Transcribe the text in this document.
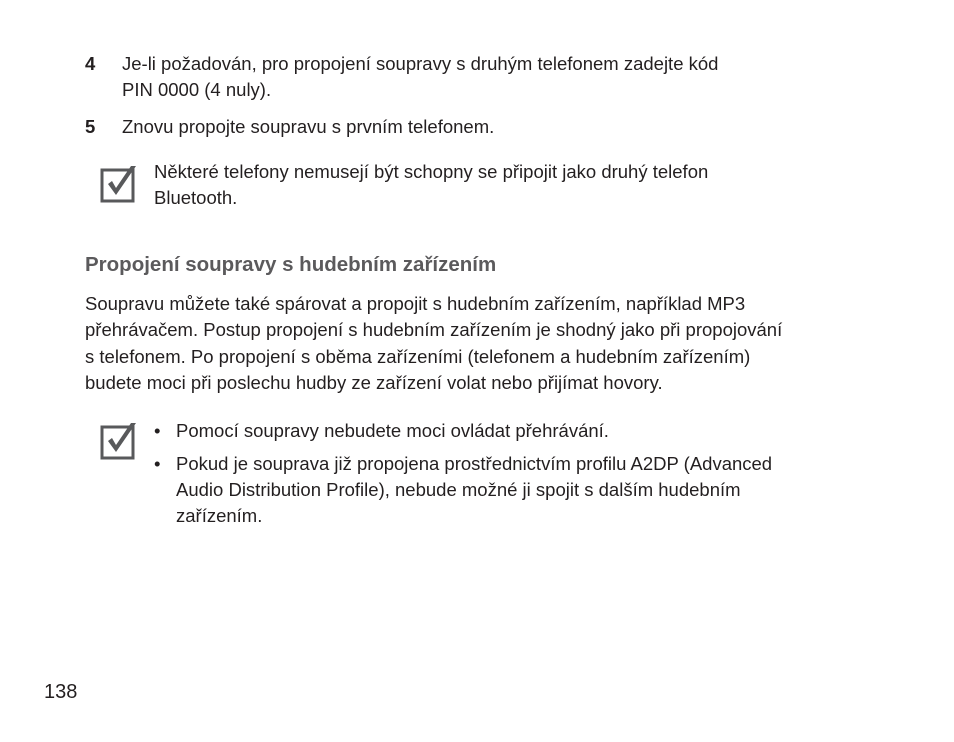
4 Je-li požadován, pro propojení soupravy s druhým telefonem zadejte kód
PIN 0000 (4 nuly).
5 Znovu propojte soupravu s prvním telefonem.
Některé telefony nemusejí být schopny se připojit jako druhý telefon
Bluetooth.
Propojení soupravy s hudebním zařízením
Soupravu můžete také spárovat a propojit s hudebním zařízením, například MP3
přehrávačem. Postup propojení s hudebním zařízením je shodný jako při propojování
s telefonem. Po propojení s oběma zařízeními (telefonem a hudebním zařízením)
budete moci při poslechu hudby ze zařízení volat nebo přijímat hovory.
• Pomocí soupravy nebudete moci ovládat přehrávání.
• Pokud je souprava již propojena prostřednictvím profilu A2DP (Advanced
Audio Distribution Profile), nebude možné ji spojit s dalším hudebním
zařízením.
138
